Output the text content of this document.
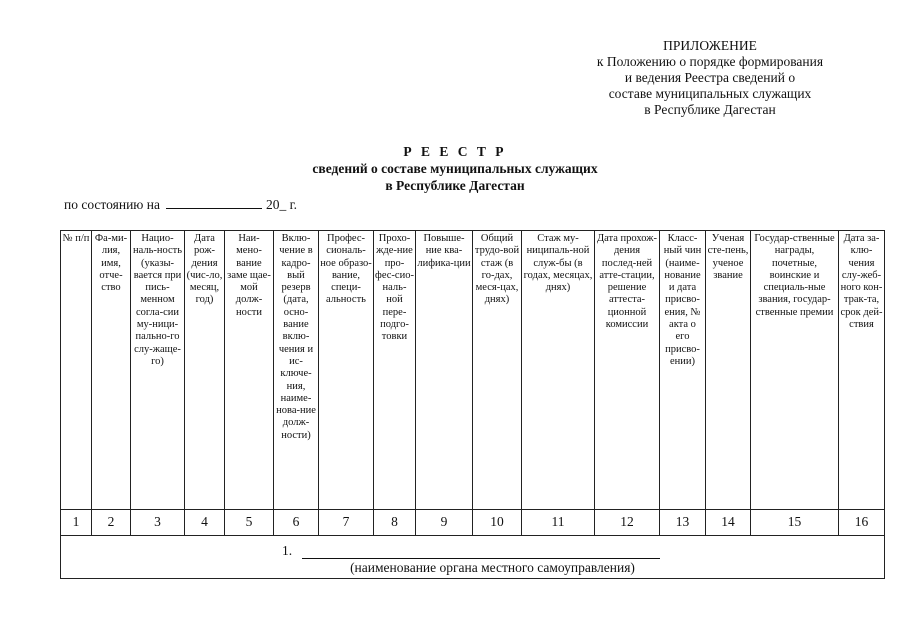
ПРИЛОЖЕНИЕ
к Положению о порядке формирования
и ведения Реестра сведений о
составе муниципальных служащих
в Республике Дагестан
Р Е Е С Т Р
сведений о составе муниципальных служащих
в Республике Дагестан
по состоянию на	20_ г.
№ п/п	Фа-ми-лия, имя, отче-ство	Нацио-наль-ность (указы-вается при пись-менном согла-сии му-ници-пально-го слу-жаще-го)	Дата рож-дения (чис-ло, месяц, год)	Наи-мено-вание заме щае-мой долж-ности	Вклю-чение в кадро-вый резерв (дата, осно-вание вклю-чения и ис-ключе-ния, наиме-нова-ние долж-ности)	Профес-сиональ-ное образо-вание, специ-альность	Прохо-жде-ние про-фес-сио-наль-ной пере-подго-товки	Повыше-ние ква-лифика-ции	Общий трудо-вой стаж (в го-дах, меся-цах, днях)	Стаж му-ниципаль-ной служ-бы (в годах, месяцах, днях)	Дата прохож-дения послед-ней атте-стации, решение аттеста-ционной комиссии	Класс-ный чин (наиме-нование и дата присво-ения, № акта о его присво-ении)	Ученая сте-пень, ученое звание	Государ-ственные награды, почетные, воинские и специаль-ные звания, государ-ственные премии	Дата за-клю-чения слу-жеб-ного кон-трак-та, срок дей-ствия
1	2	3	4	5	6	7	8	9	10	11	12	13	14	15	16

1.
(наименование органа местного самоуправления)															
